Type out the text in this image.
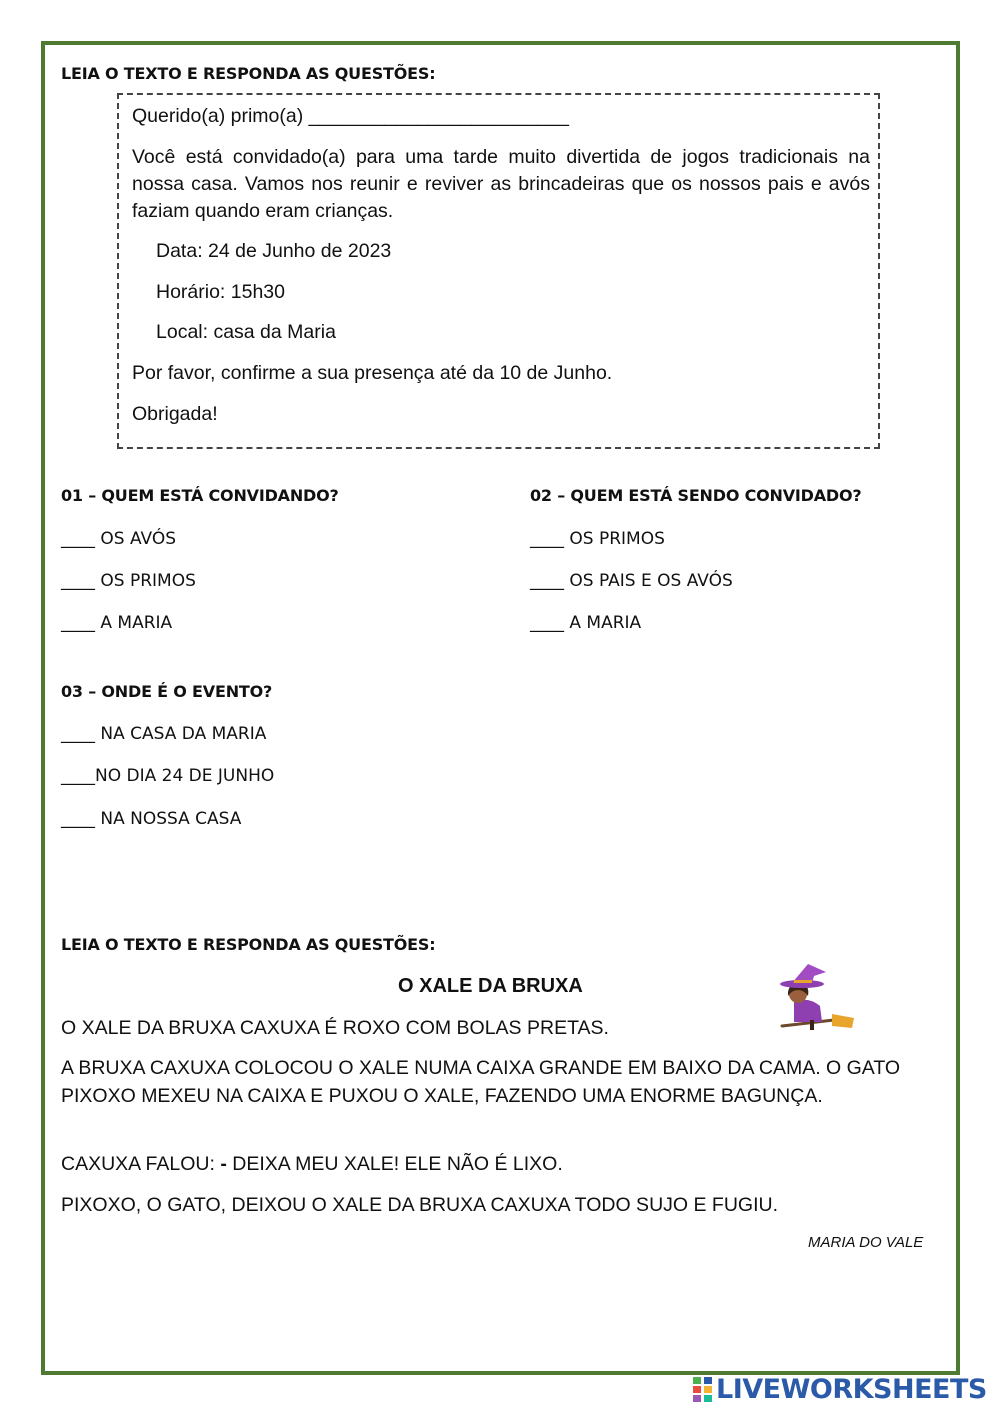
LEIA O TEXTO E RESPONDA AS QUESTÕES:
Querido(a) primo(a) ________________________
Você está convidado(a) para uma tarde muito divertida de jogos tradicionais na nossa casa. Vamos nos reunir e reviver as brincadeiras que os nossos pais e avós faziam quando eram crianças.
Data: 24 de Junho de 2023
Horário: 15h30
Local: casa da Maria
Por favor, confirme a sua presença até da 10 de Junho.
Obrigada!
01 – QUEM ESTÁ CONVIDANDO?
____ OS AVÓS
____ OS PRIMOS
____ A MARIA
02 – QUEM ESTÁ SENDO CONVIDADO?
____ OS PRIMOS
____ OS PAIS E OS AVÓS
____ A MARIA
03 – ONDE É O EVENTO?
____ NA CASA DA MARIA
____NO DIA 24 DE JUNHO
____ NA NOSSA CASA
LEIA O TEXTO E RESPONDA AS QUESTÕES:
O XALE DA BRUXA
O XALE DA BRUXA CAXUXA É ROXO COM BOLAS PRETAS.
A BRUXA CAXUXA COLOCOU O XALE NUMA CAIXA GRANDE EM BAIXO DA CAMA. O GATO PIXOXO MEXEU NA CAIXA E PUXOU O XALE, FAZENDO UMA ENORME BAGUNÇA.
CAXUXA FALOU: - DEIXA MEU XALE! ELE NÃO É LIXO.
PIXOXO, O GATO, DEIXOU O XALE DA BRUXA CAXUXA TODO SUJO E FUGIU.
MARIA DO VALE
LIVEWORKSHEETS
